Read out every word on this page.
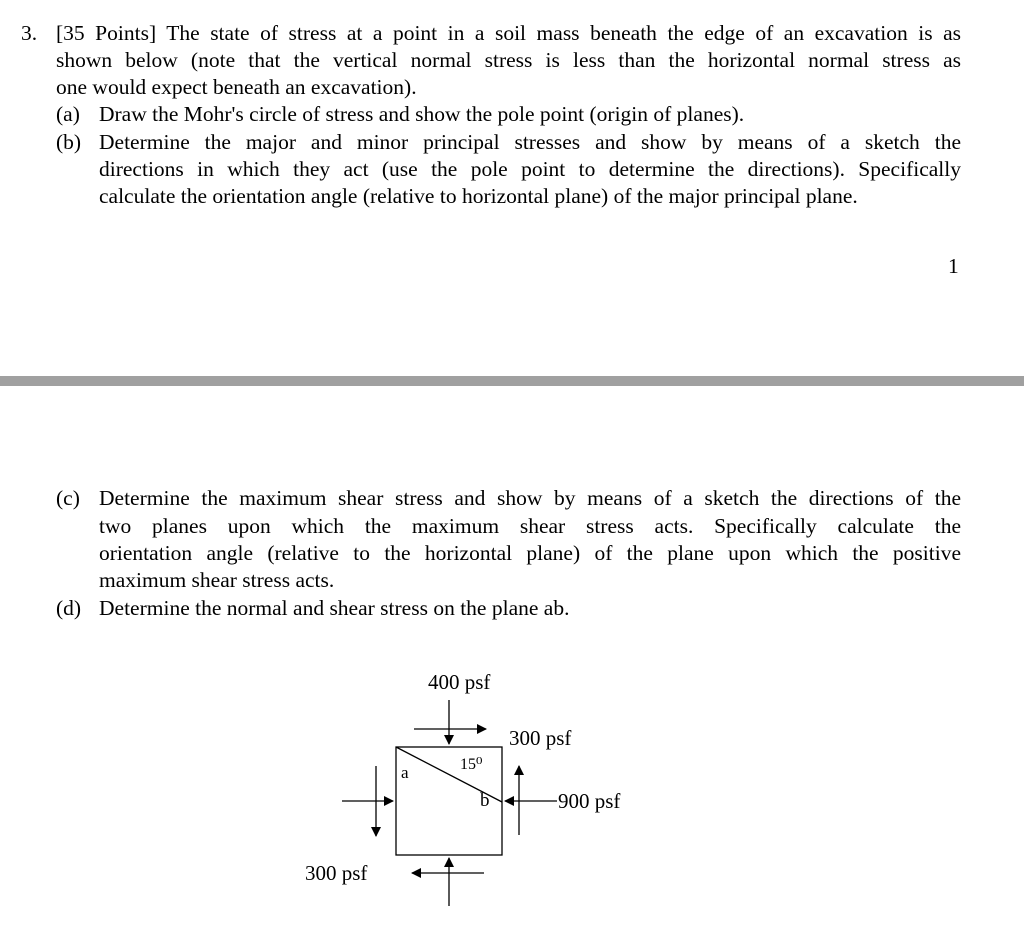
3. [35 Points] The state of stress at a point in a soil mass beneath the edge of an excavation is as
shown below (note that the vertical normal stress is less than the horizontal normal stress as
one would expect beneath an excavation).
(a) Draw the Mohr's circle of stress and show the pole point (origin of planes).
(b) Determine the major and minor principal stresses and show by means of a sketch the
directions in which they act (use the pole point to determine the directions). Specifically
calculate the orientation angle (relative to horizontal plane) of the major principal plane.
1
(c) Determine the maximum shear stress and show by means of a sketch the directions of the
two planes upon which the maximum shear stress acts. Specifically calculate the
orientation angle (relative to the horizontal plane) of the plane upon which the positive
maximum shear stress acts.
(d) Determine the normal and shear stress on the plane ab.
400 psf
300 psf
900 psf
300 psf
15⁰
a
b
